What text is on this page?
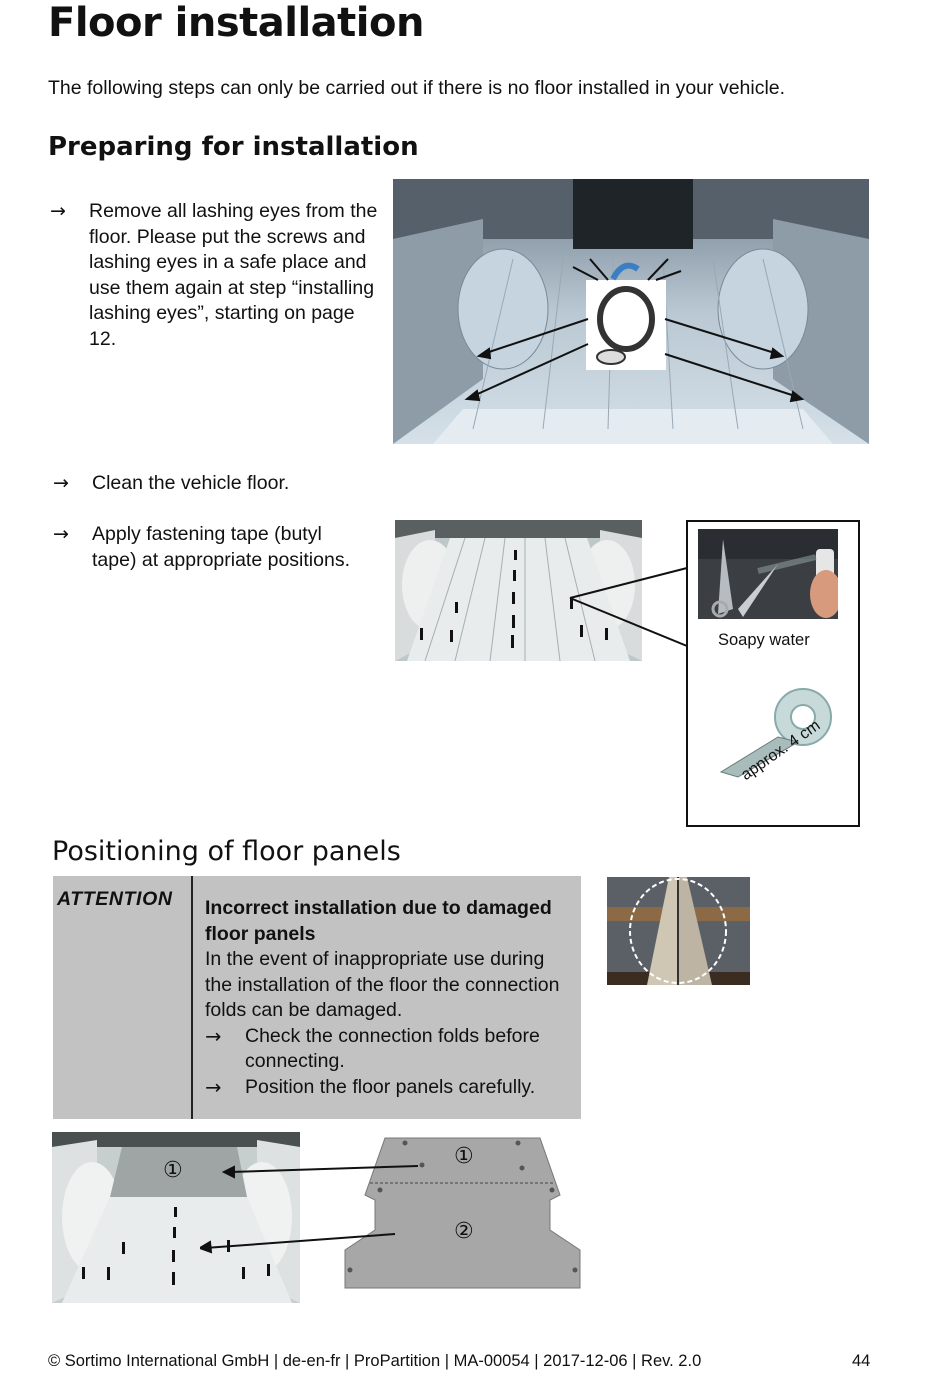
Floor installation
The following steps can only be carried out if there is no floor installed in your vehicle.
Preparing for installation
→ Remove all lashing eyes from the floor. Please put the screws and lashing eyes in a safe place and use them again at step “installing lashing eyes”, starting on page 12.
→ Clean the vehicle floor.
→ Apply fastening tape (butyl tape) at appropriate positions.
Soapy water
approx. 4 cm
Positioning of floor panels
ATTENTION Incorrect installation due to damaged floor panels
In the event of inappropriate use during the installation of the floor the connection folds can be damaged.
→ Check the connection folds before connecting.
→ Position the floor panels carefully.
①
①
②
© Sortimo International GmbH | de-en-fr | ProPartition | MA-00054 | 2017-12-06 | Rev. 2.0	44
